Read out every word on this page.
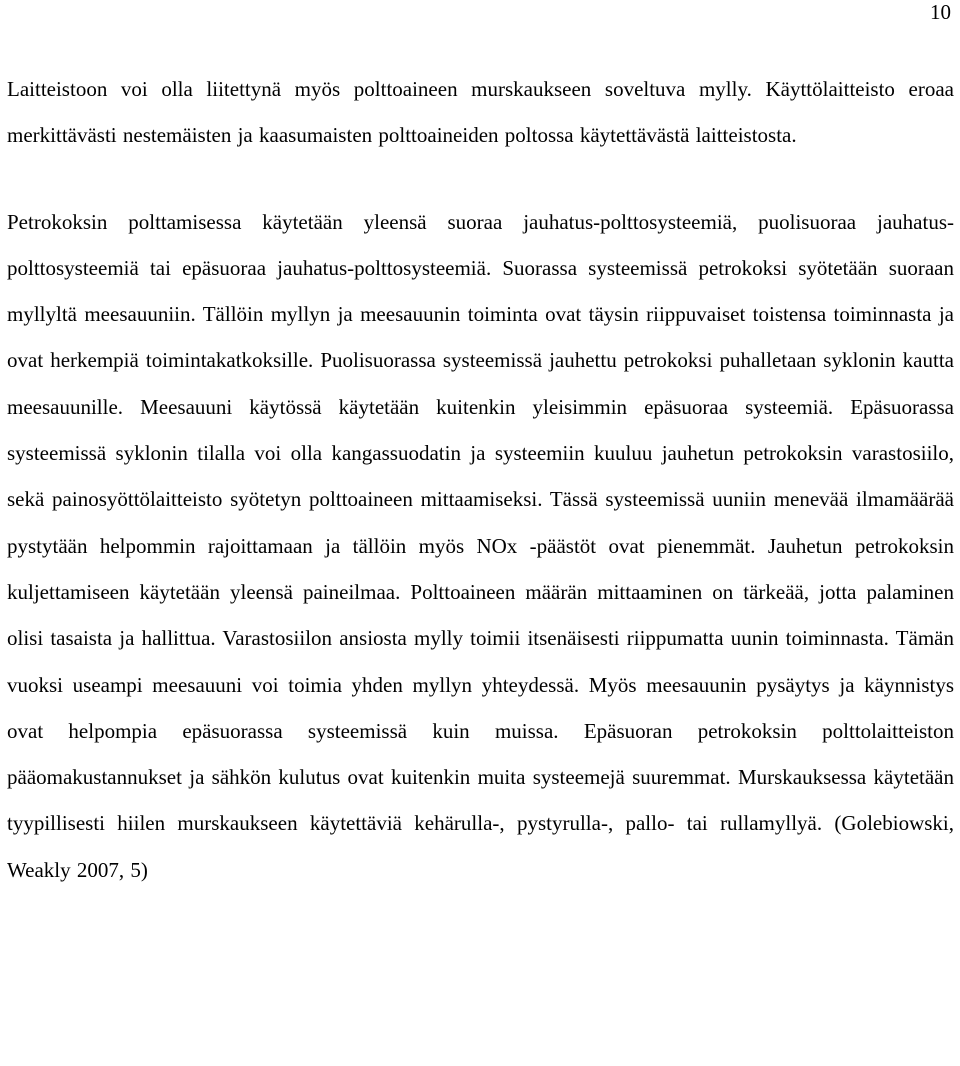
10

Laitteistoon voi olla liitettynä myös polttoaineen murskaukseen soveltuva mylly. Käyttölaitteisto eroaa merkittävästi nestemäisten ja kaasumaisten polttoaineiden poltossa käytettävästä laitteistosta.

Petrokoksin polttamisessa käytetään yleensä suoraa jauhatus-polttosysteemiä, puolisuoraa jauhatus-polttosysteemiä tai epäsuoraa jauhatus-polttosysteemiä. Suorassa systeemissä petrokoksi syötetään suoraan myllyltä meesauuniin. Tällöin myllyn ja meesauunin toiminta ovat täysin riippuvaiset toistensa toiminnasta ja ovat herkempiä toimintakatkoksille. Puolisuorassa systeemissä jauhettu petrokoksi puhalletaan syklonin kautta meesauunille. Meesauuni käytössä käytetään kuitenkin yleisimmin epäsuoraa systeemiä. Epäsuorassa systeemissä syklonin tilalla voi olla kangassuodatin ja systeemiin kuuluu jauhetun petrokoksin varastosiilo, sekä painosyöttölaitteisto syötetyn polttoaineen mittaamiseksi. Tässä systeemissä uuniin menevää ilmamäärää pystytään helpommin rajoittamaan ja tällöin myös NOx -päästöt ovat pienemmät. Jauhetun petrokoksin kuljettamiseen käytetään yleensä paineilmaa. Polttoaineen määrän mittaaminen on tärkeää, jotta palaminen olisi tasaista ja hallittua. Varastosiilon ansiosta mylly toimii itsenäisesti riippumatta uunin toiminnasta. Tämän vuoksi useampi meesauuni voi toimia yhden myllyn yhteydessä. Myös meesauunin pysäytys ja käynnistys ovat helpompia epäsuorassa systeemissä kuin muissa. Epäsuoran petrokoksin polttolaitteiston pääomakustannukset ja sähkön kulutus ovat kuitenkin muita systeemejä suuremmat. Murskauksessa käytetään tyypillisesti hiilen murskaukseen käytettäviä kehärulla-, pystyrulla-, pallo- tai rullamyllyä. (Golebiowski, Weakly 2007, 5)
